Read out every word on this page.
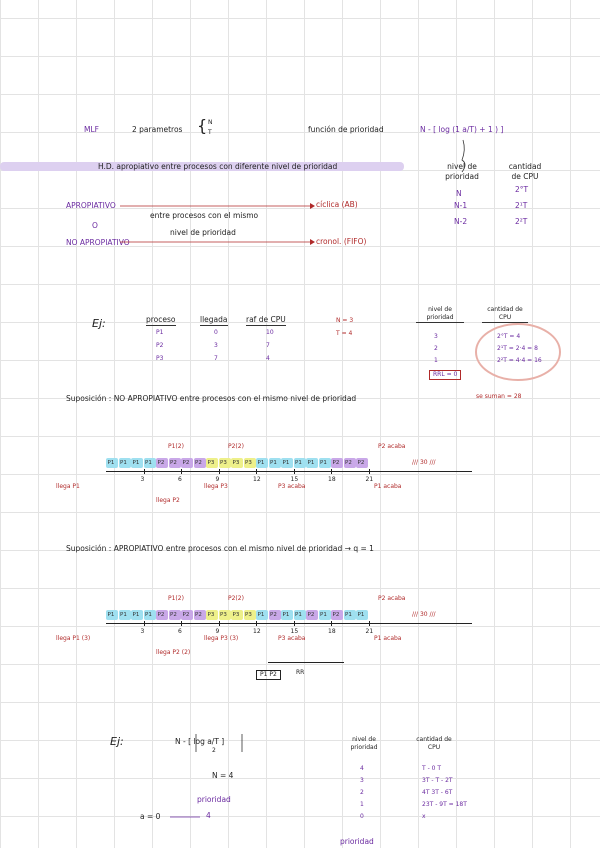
MLF	2 parametros { N
T	función de prioridad	N - [ log (1 a/T) + 1 ) ]
H.D. apropiativo entre procesos con diferente nivel de prioridad
APROPIATIVO
O
NO APROPIATIVO
entre procesos con el mismo
nivel de prioridad
cíclica (AB)
cronol. (FIFO)
nivel de prioridad
cantidad de CPU
N	2°T
N-1	2¹T
N-2	2²T
Ej:	proceso	llegada raf de CPU
P1	0	10
P2	3	7
P3	7	4
N = 3
T = 4
nivel de prioridad
cantidad de CPU
3	2°T = 4
2	2¹T = 2·4 = 8
1	2²T = 4·4 = 16
RRL = 0
se suman = 28
Suposición : NO APROPIATIVO entre procesos con el mismo nivel de prioridad
P1 P1 P1 P1 P2 P2 P2 P2 P3 P3 P3 P3 P1 P1 P1 P1 P1 P1 P2 P2 P2
3	6	9	12	15	18	21
P1(2)	P2(2)	P2 acaba
/// 30 ///
llega P1
llega P2
llega P3	P3 acaba	P1 acaba
Suposición : APROPIATIVO entre procesos con el mismo nivel de prioridad → q = 1
P1 P1 P1 P1 P2 P2 P2 P2 P3 P3 P3 P3 P1 P2 P1 P1 P2 P1 P2 P1 P1
3	6	9	12	15	18	21
P1(2)	P2(2)	P2 acaba
/// 30 ///
llega P1 (3)
llega P2 (2)
llega P3 (3)	P3 acaba	P1 acaba
P1 P2	RR
Ej:	N - [ log a/T ]
2
N = 4
prioridad
a = 0	4
nivel de prioridad
cantidad de CPU
4	T - 0 T
3	3T - T - 2T
2	4T 3T - 6T
1	23T - 9T = 18T
0	x
prioridad
